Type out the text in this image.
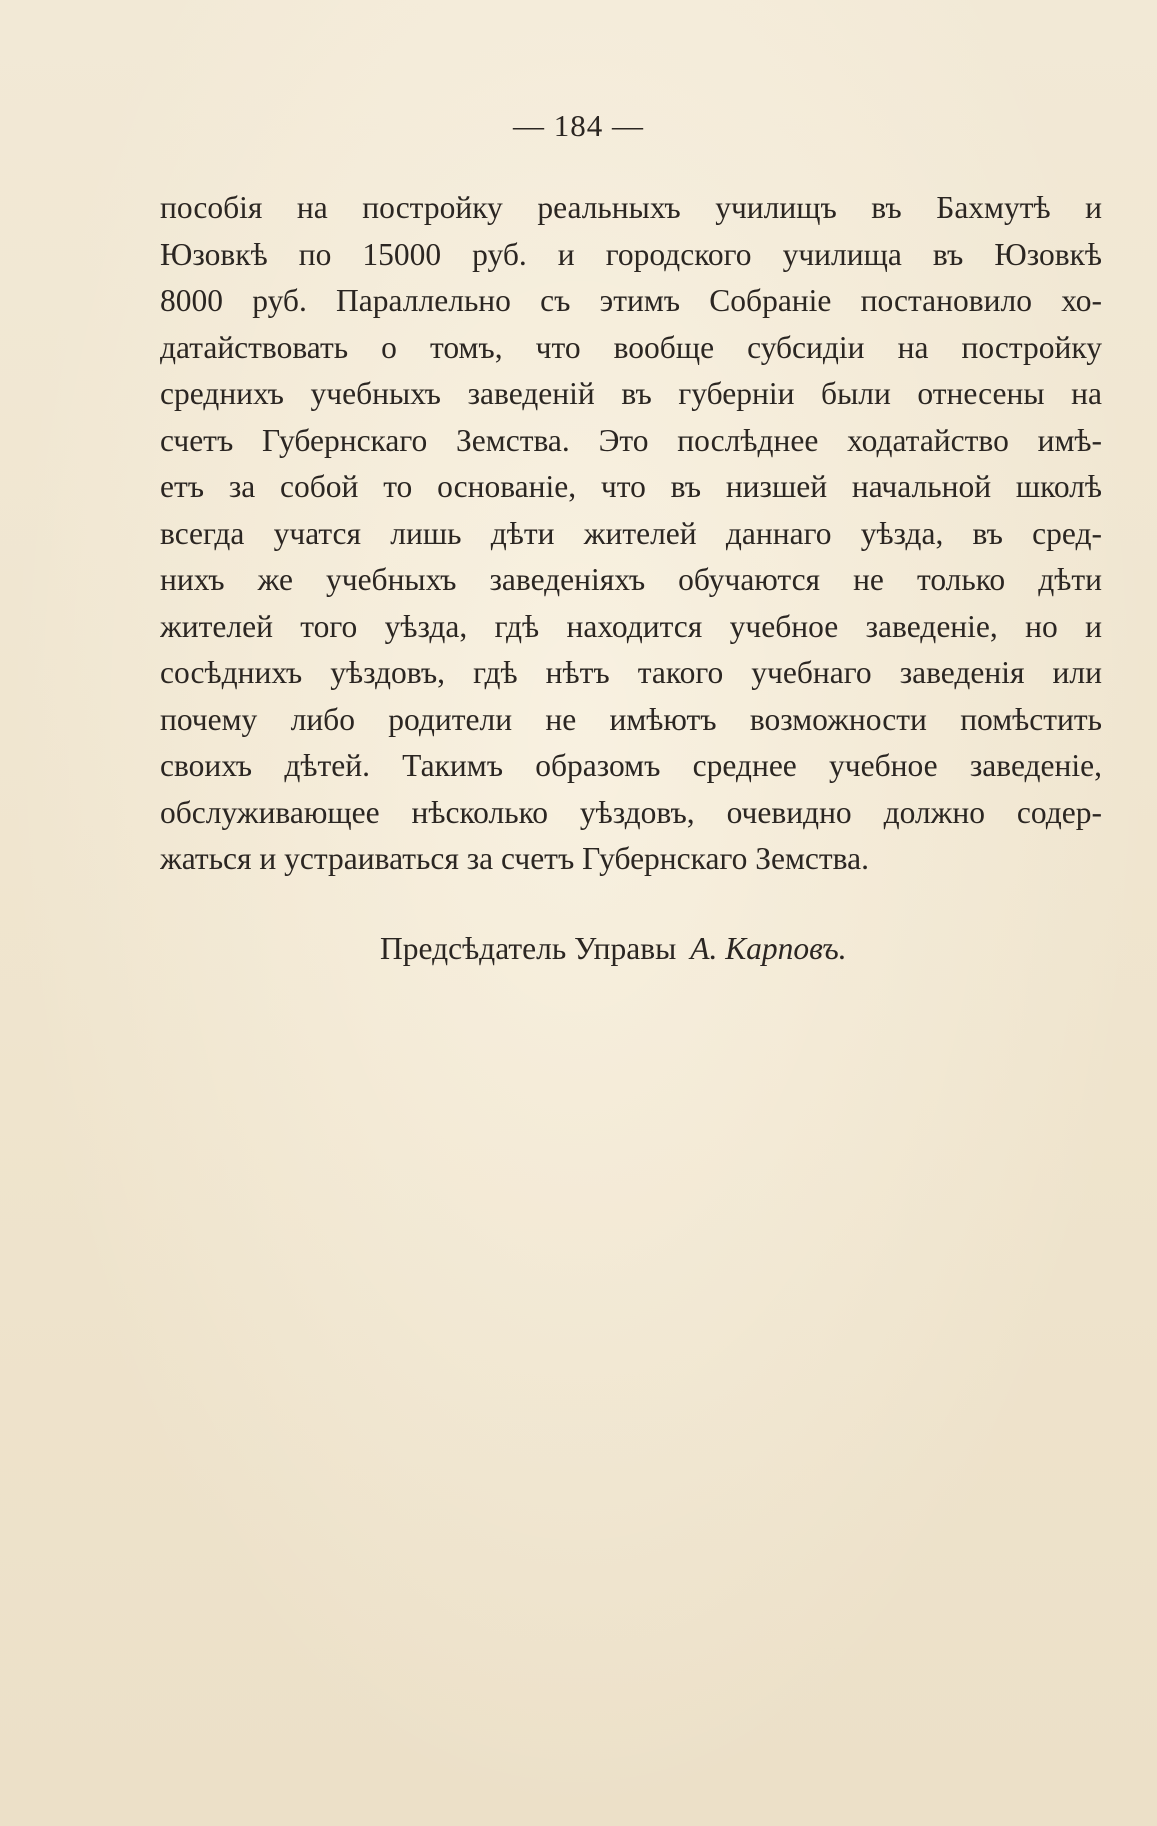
— 184 —
пособія на постройку реальныхъ училищъ въ Бахмутѣ и
Юзовкѣ по 15000 руб. и городского училища въ Юзовкѣ
8000 руб. Параллельно съ этимъ Собраніе постановило хо-
датайствовать о томъ, что вообще субсидіи на постройку
среднихъ учебныхъ заведеній въ губерніи были отнесены на
счетъ Губернскаго Земства. Это послѣднее ходатайство имѣ-
етъ за собой то основаніе, что въ низшей начальной школѣ
всегда учатся лишь дѣти жителей даннаго уѣзда, въ сред-
нихъ же учебныхъ заведеніяхъ обучаются не только дѣти
жителей того уѣзда, гдѣ находится учебное заведеніе, но и
сосѣднихъ уѣздовъ, гдѣ нѣтъ такого учебнаго заведенія или
почему либо родители не имѣютъ возможности помѣстить
своихъ дѣтей. Такимъ образомъ среднее учебное заведеніе,
обслуживающее нѣсколько уѣздовъ, очевидно должно содер-
жаться и устраиваться за счетъ Губернскаго Земства.
Предсѣдатель Управы А. Карповъ.
